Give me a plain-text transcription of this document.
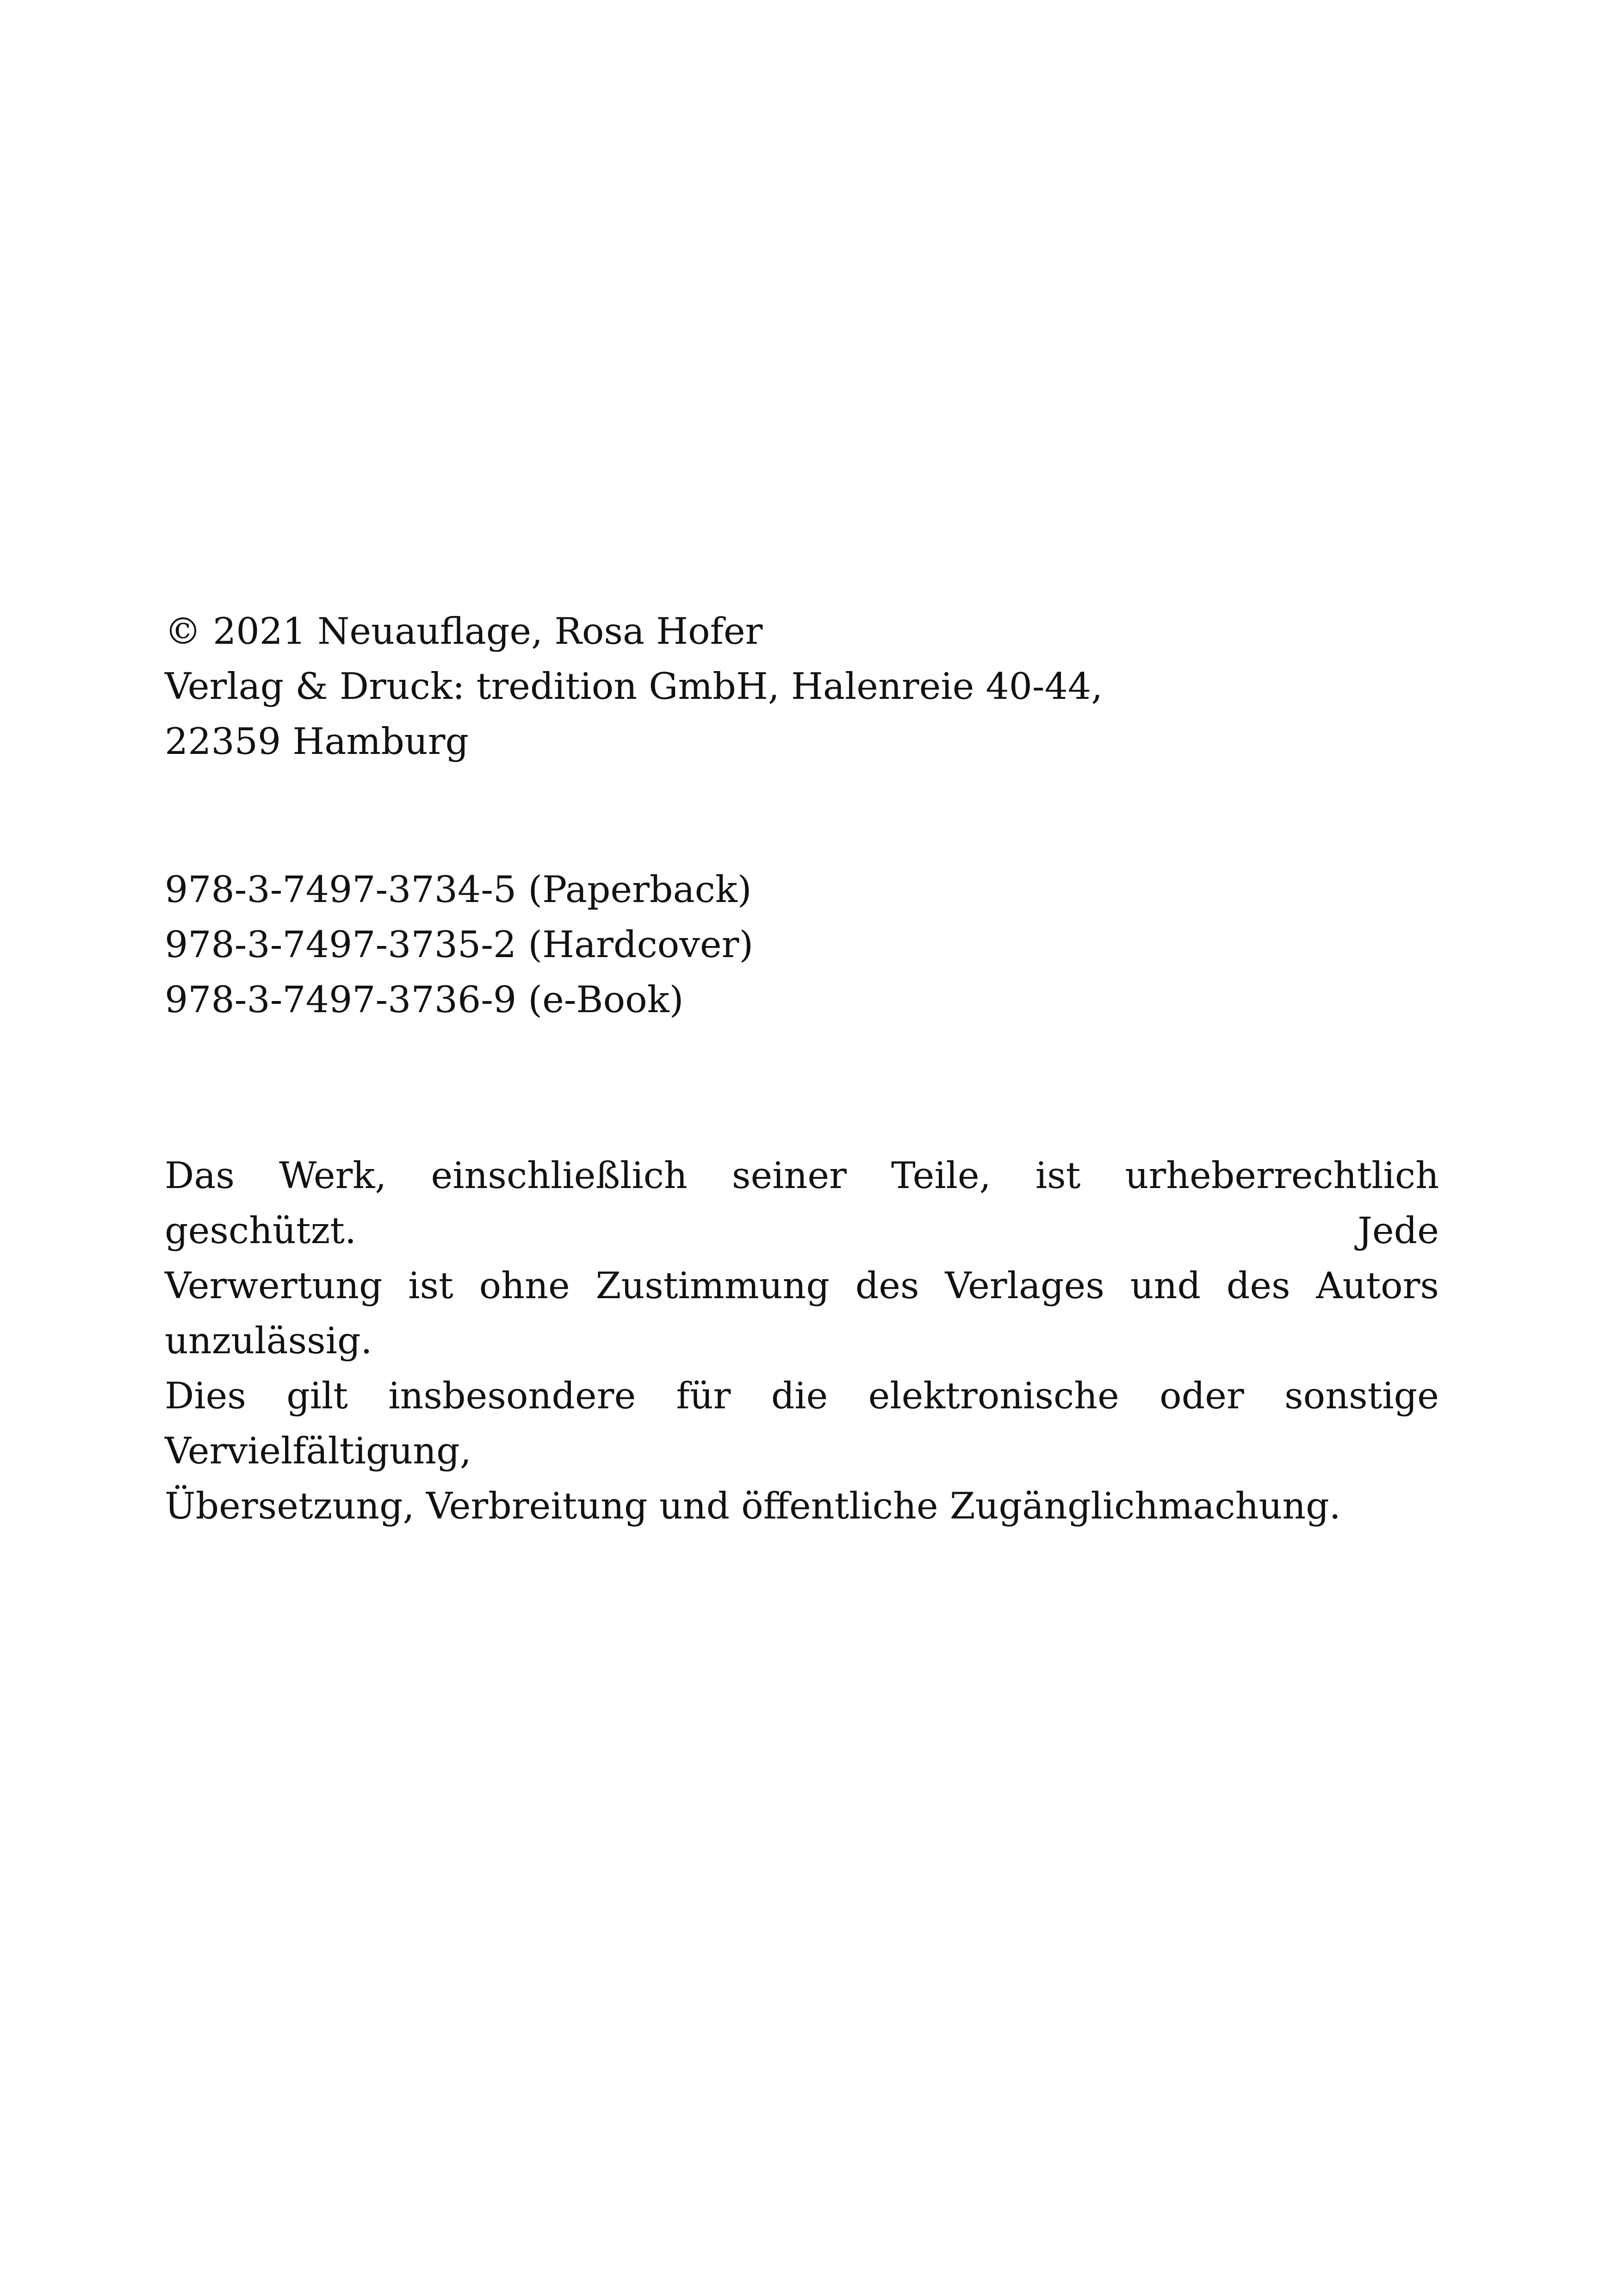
© 2021 Neuauflage, Rosa Hofer
Verlag & Druck: tredition GmbH, Halenreie 40-44,
22359 Hamburg
978-3-7497-3734-5 (Paperback)
978-3-7497-3735-2 (Hardcover)
978-3-7497-3736-9 (e-Book)
Das Werk, einschließlich seiner Teile, ist urheberrechtlich geschützt. Jede
Verwertung ist ohne Zustimmung des Verlages und des Autors unzulässig.
Dies gilt insbesondere für die elektronische oder sonstige Vervielfältigung,
Übersetzung, Verbreitung und öffentliche Zugänglichmachung.
